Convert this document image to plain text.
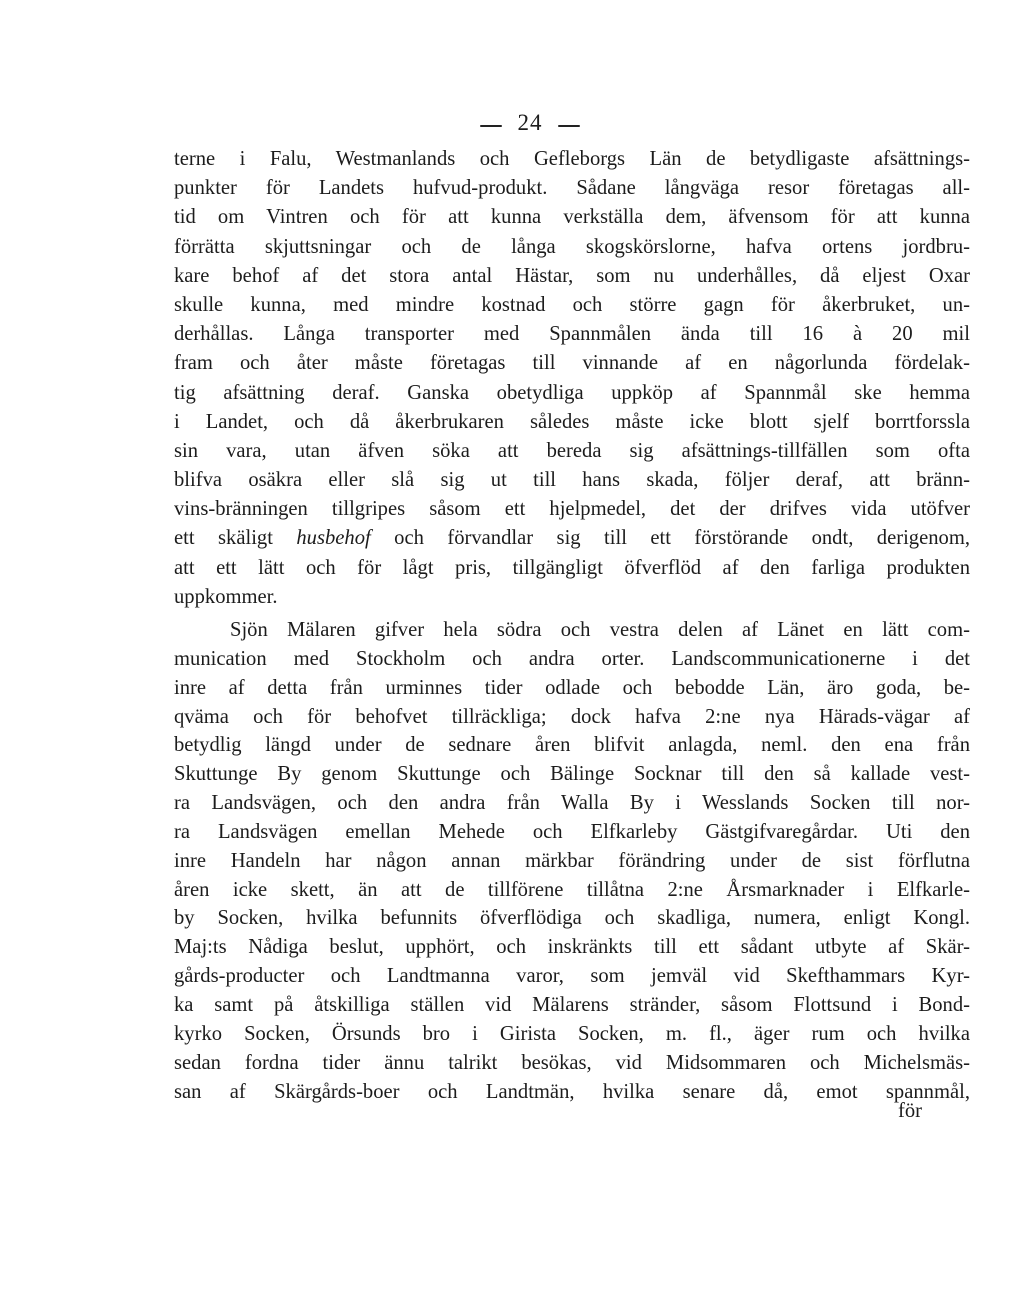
24
terne i Falu, Westmanlands och Gefleborgs Län de betydligaste afsättnings-
punkter för Landets hufvud-produkt. Sådane långväga resor företagas all-
tid om Vintren och för att kunna verkställa dem, äfvensom för att kunna
förrätta skjuttsningar och de långa skogskörslorne, hafva ortens jordbru-
kare behof af det stora antal Hästar, som nu underhålles, då eljest Oxar
skulle kunna, med mindre kostnad och större gagn för åkerbruket, un-
derhållas. Långa transporter med Spannmålen ända till 16 à 20 mil
fram och åter måste företagas till vinnande af en någorlunda fördelak-
tig afsättning deraf. Ganska obetydliga uppköp af Spannmål ske hemma
i Landet, och då åkerbrukaren således måste icke blott sjelf borrtforssla
sin vara, utan äfven söka att bereda sig afsättnings-tillfällen som ofta
blifva osäkra eller slå sig ut till hans skada, följer deraf, att bränn-
vins-bränningen tillgripes såsom ett hjelpmedel, det der drifves vida utöfver
ett skäligt husbehof och förvandlar sig till ett förstörande ondt, derigenom,
att ett lätt och för lågt pris, tillgängligt öfverflöd af den farliga produkten
uppkommer.
Sjön Mälaren gifver hela södra och vestra delen af Länet en lätt com-
munication med Stockholm och andra orter. Landscommunicationerne i det
inre af detta från urminnes tider odlade och bebodde Län, äro goda, be-
qväma och för behofvet tillräckliga; dock hafva 2:ne nya Härads-vägar af
betydlig längd under de sednare åren blifvit anlagda, neml. den ena från
Skuttunge By genom Skuttunge och Bälinge Socknar till den så kallade vest-
ra Landsvägen, och den andra från Walla By i Wesslands Socken till nor-
ra Landsvägen emellan Mehede och Elfkarleby Gästgifvaregårdar. Uti den
inre Handeln har någon annan märkbar förändring under de sist förflutna
åren icke skett, än att de tillförene tillåtna 2:ne Årsmarknader i Elfkarle-
by Socken, hvilka befunnits öfverflödiga och skadliga, numera, enligt Kongl.
Maj:ts Nådiga beslut, upphört, och inskränkts till ett sådant utbyte af Skär-
gårds-producter och Landtmanna varor, som jemväl vid Skefthammars Kyr-
ka samt på åtskilliga ställen vid Mälarens stränder, såsom Flottsund i Bond-
kyrko Socken, Örsunds bro i Girista Socken, m. fl., äger rum och hvilka
sedan fordna tider ännu talrikt besökas, vid Midsommaren och Michelsmäs-
san af Skärgårds-boer och Landtmän, hvilka senare då, emot spannmål,
för
